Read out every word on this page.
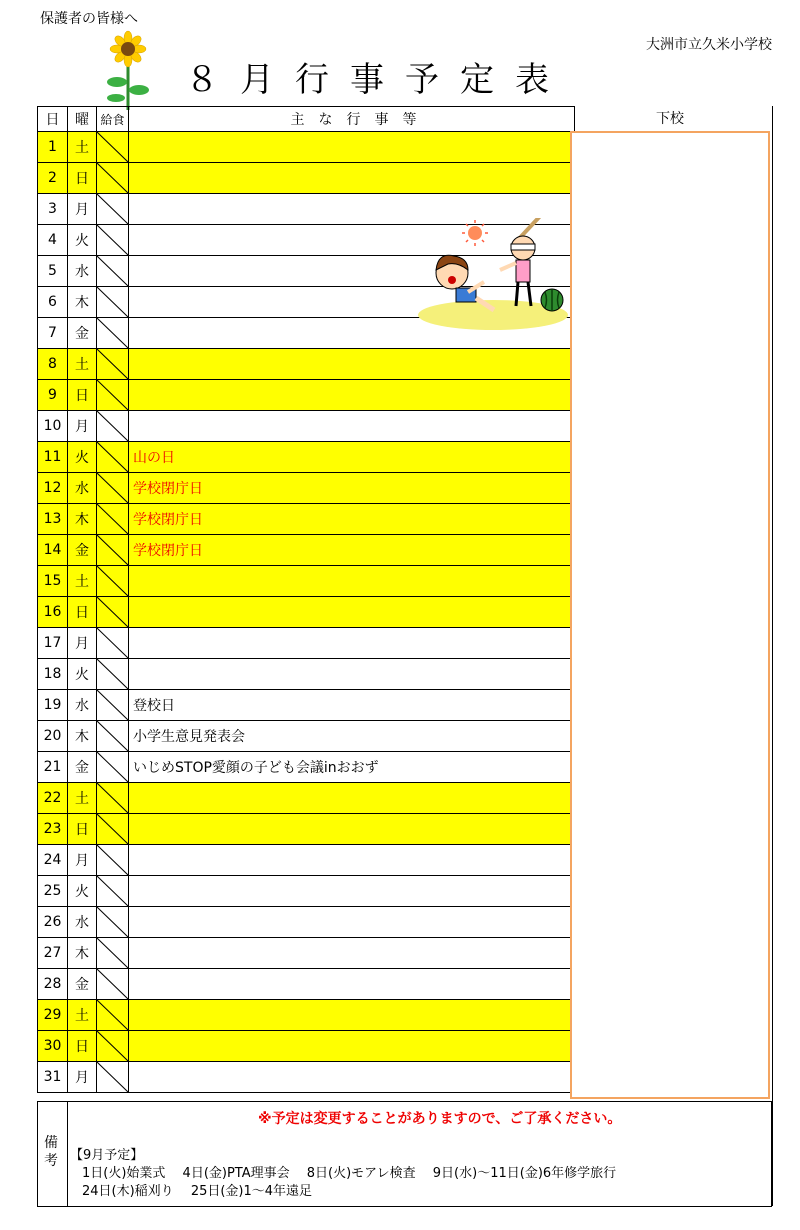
保護者の皆様へ
大洲市立久米小学校
８月行事予定表
日	曜	給食	主　な　行　事　等
1	土	

2	日	

3	月	

4	火	

5	水	

6	木	

7	金	

8	土	

9	日	

10	月	

11	火		山の日
12	水		学校閉庁日
13	木		学校閉庁日
14	金		学校閉庁日
15	土	

16	日	

17	月	

18	火	

19	水		登校日
20	木		小学生意見発表会
21	金		いじめSTOP愛顔の子ども会議inおおず
22	土	

23	日	

24	月	

25	火	

26	水	

27	木	

28	金	

29	土	

30	日	

31	月	

下校
備考
※予定は変更することがありますので、ご了承ください。
【9月予定】
1日(火)始業式　 4日(金)PTA理事会　 8日(火)モアレ検査　 9日(水)～11日(金)6年修学旅行
24日(木)稲刈り　 25日(金)1～4年遠足
